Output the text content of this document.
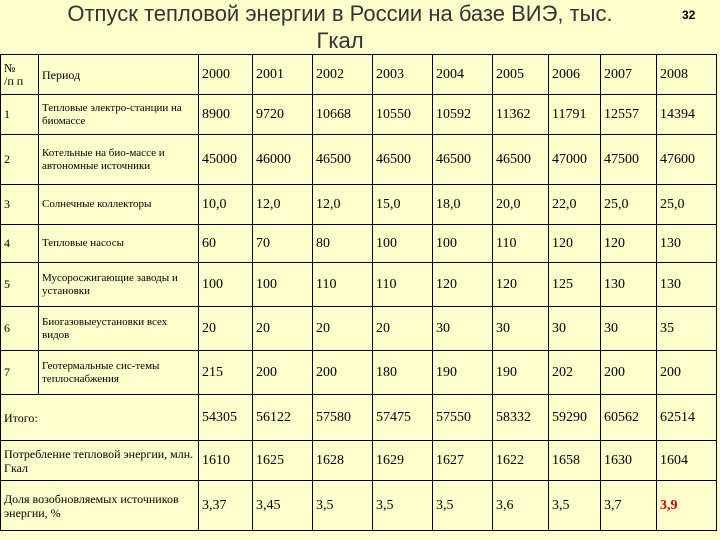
Отпуск тепловой энергии в России на базе ВИЭ, тыс.
Гкал
32
№
/п п	Период	2000	2001	2002	2003	2004	2005	2006	2007	2008
1	Тепловые электро-станции на биомассе	8900	9720	10668	10550	10592	11362	11791	12557	14394
2	Котельные на био-массе и автономные источники	45000	46000	46500	46500	46500	46500	47000	47500	47600
3	Солнечные коллекторы	10,0	12,0	12,0	15,0	18,0	20,0	22,0	25,0	25,0
4	Тепловые насосы	60	70	80	100	100	110	120	120	130
5	Мусоросжигающие заводы и установки	100	100	110	110	120	120	125	130	130
6	Биогазовыеустановки всех видов	20	20	20	20	30	30	30	30	35
7	Геотермальные сис-темы теплоснабжения	215	200	200	180	190	190	202	200	200
Итого:		54305	56122	57580	57475	57550	58332	59290	60562	62514
Потребление тепловой энергии, млн. Гкал		1610	1625	1628	1629	1627	1622	1658	1630	1604
Доля возобновляемых источников энергии, %		3,37	3,45	3,5	3,5	3,5	3,6	3,5	3,7	3,9
